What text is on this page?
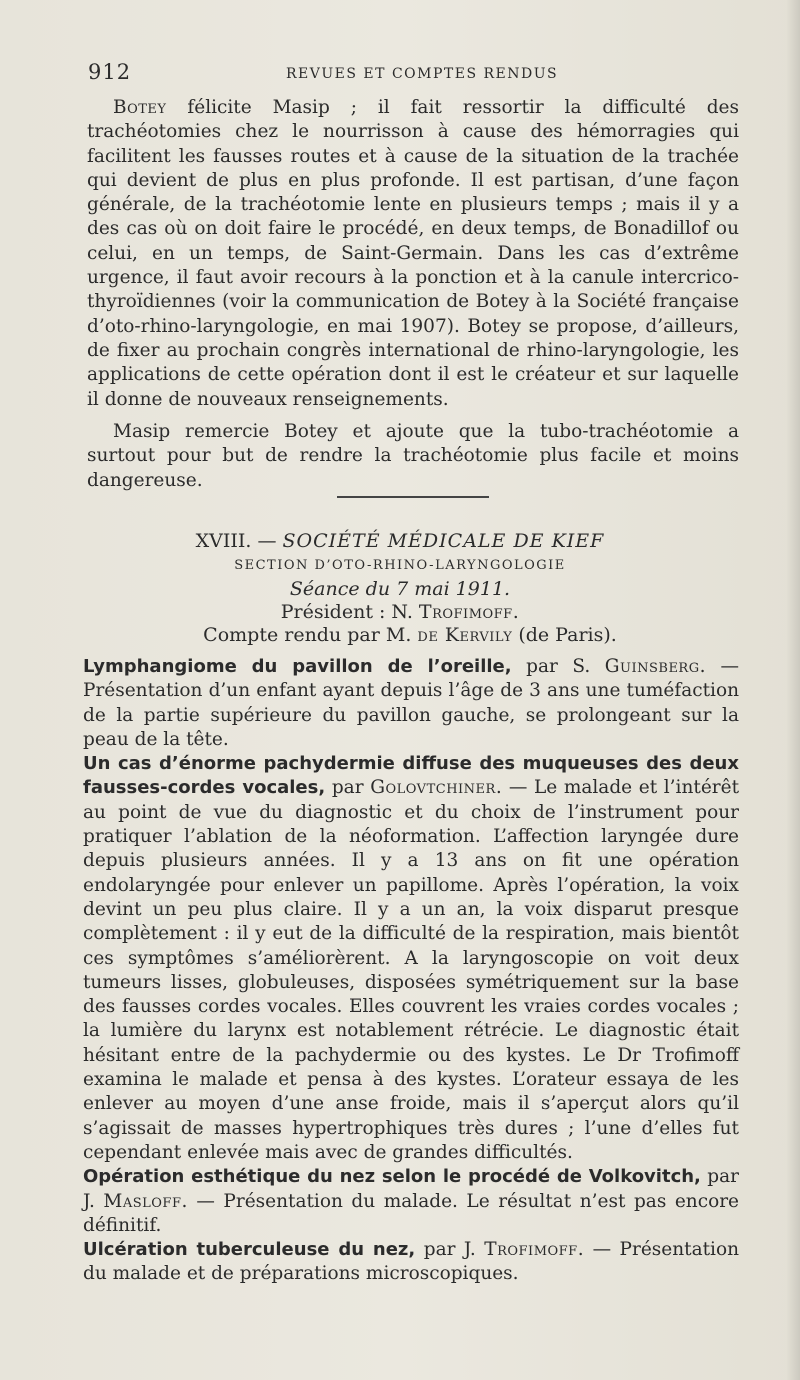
912	REVUES ET COMPTES RENDUS

Botey félicite Masip ; il fait ressortir la difficulté des trachéotomies chez le nourrisson à cause des hémorragies qui facilitent les fausses routes et à cause de la situation de la trachée qui devient de plus en plus profonde. Il est partisan, d’une façon générale, de la trachéotomie lente en plusieurs temps ; mais il y a des cas où on doit faire le procédé, en deux temps, de Bonadillof ou celui, en un temps, de Saint-Germain. Dans les cas d’extrême urgence, il faut avoir recours à la ponction et à la canule intercrico-thyroïdiennes (voir la communication de Botey à la Société française d’oto-rhino-laryngologie, en mai 1907). Botey se propose, d’ailleurs, de fixer au prochain congrès international de rhino-laryngologie, les applications de cette opération dont il est le créateur et sur laquelle il donne de nouveaux renseignements.

Masip remercie Botey et ajoute que la tubo-trachéotomie a surtout pour but de rendre la trachéotomie plus facile et moins dangereuse.

XVIII. — SOCIÉTÉ MÉDICALE DE KIEF
SECTION D’OTO-RHINO-LARYNGOLOGIE
Séance du 7 mai 1911.
Président : N. Trofimoff.
Compte rendu par M. de Kervily (de Paris).

Lymphangiome du pavillon de l’oreille, par S. Guinsberg. — Présentation d’un enfant ayant depuis l’âge de 3 ans une tuméfaction de la partie supérieure du pavillon gauche, se prolongeant sur la peau de la tête.

Un cas d’énorme pachydermie diffuse des muqueuses des deux fausses-cordes vocales, par Golovtchiner. — Le malade et l’intérêt au point de vue du diagnostic et du choix de l’instrument pour pratiquer l’ablation de la néoformation. L’affection laryngée dure depuis plusieurs années. Il y a 13 ans on fit une opération endolaryngée pour enlever un papillome. Après l’opération, la voix devint un peu plus claire. Il y a un an, la voix disparut presque complètement : il y eut de la difficulté de la respiration, mais bientôt ces symptômes s’améliorèrent. A la laryngoscopie on voit deux tumeurs lisses, globuleuses, disposées symétriquement sur la base des fausses cordes vocales. Elles couvrent les vraies cordes vocales ; la lumière du larynx est notablement rétrécie. Le diagnostic était hésitant entre de la pachydermie ou des kystes. Le Dr Trofimoff examina le malade et pensa à des kystes. L’orateur essaya de les enlever au moyen d’une anse froide, mais il s’aperçut alors qu’il s’agissait de masses hypertrophiques très dures ; l’une d’elles fut cependant enlevée mais avec de grandes difficultés.

Opération esthétique du nez selon le procédé de Volkovitch, par J. Masloff. — Présentation du malade. Le résultat n’est pas encore définitif.

Ulcération tuberculeuse du nez, par J. Trofimoff. — Présentation du malade et de préparations microscopiques.
